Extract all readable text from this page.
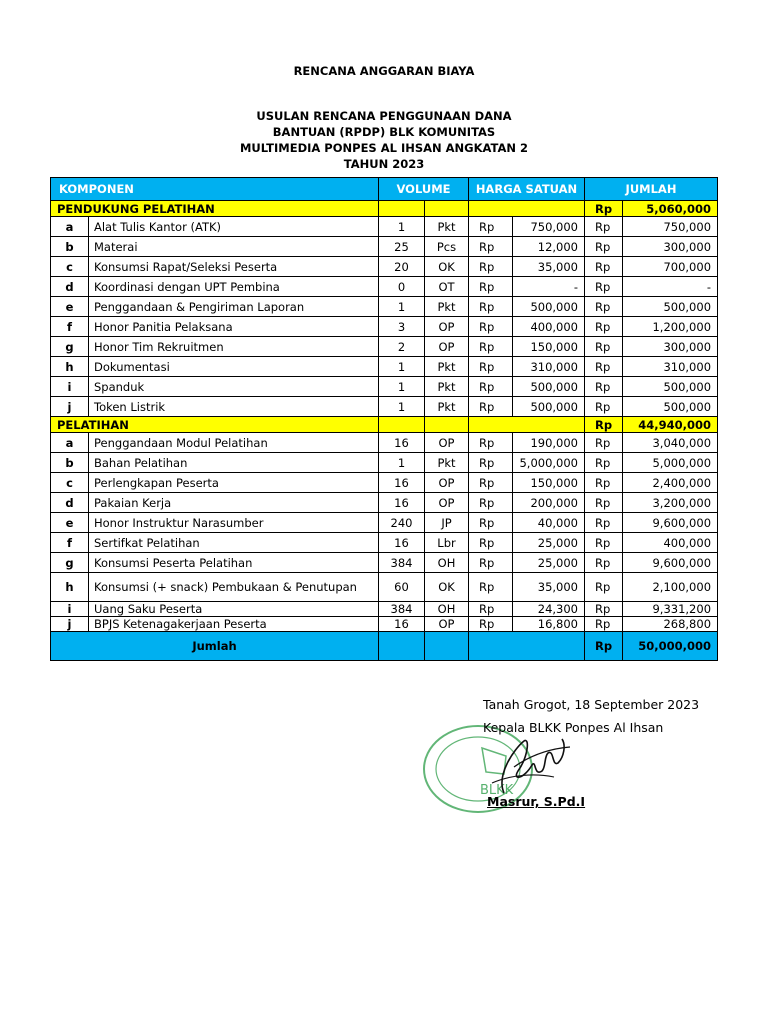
RENCANA ANGGARAN BIAYA
USULAN RENCANA PENGGUNAAN DANA
BANTUAN (RPDP) BLK KOMUNITAS
MULTIMEDIA PONPES AL IHSAN ANGKATAN 2
TAHUN 2023
KOMPONEN		VOLUME		HARGA SATUAN		JUMLAH	
PENDUKUNG PELATIHAN						Rp	5,060,000
a	Alat Tulis Kantor (ATK)	1	Pkt	Rp	750,000	Rp	750,000
b	Materai	25	Pcs	Rp	12,000	Rp	300,000
c	Konsumsi Rapat/Seleksi Peserta	20	OK	Rp	35,000	Rp	700,000
d	Koordinasi dengan UPT Pembina	0	OT	Rp	-	Rp	-
e	Penggandaan & Pengiriman Laporan	1	Pkt	Rp	500,000	Rp	500,000
f	Honor Panitia Pelaksana	3	OP	Rp	400,000	Rp	1,200,000
g	Honor Tim Rekruitmen	2	OP	Rp	150,000	Rp	300,000
h	Dokumentasi	1	Pkt	Rp	310,000	Rp	310,000
i	Spanduk	1	Pkt	Rp	500,000	Rp	500,000
j	Token Listrik	1	Pkt	Rp	500,000	Rp	500,000
PELATIHAN						Rp	44,940,000
a	Penggandaan Modul Pelatihan	16	OP	Rp	190,000	Rp	3,040,000
b	Bahan Pelatihan	1	Pkt	Rp	5,000,000	Rp	5,000,000
c	Perlengkapan Peserta	16	OP	Rp	150,000	Rp	2,400,000
d	Pakaian Kerja	16	OP	Rp	200,000	Rp	3,200,000
e	Honor Instruktur Narasumber	240	JP	Rp	40,000	Rp	9,600,000
f	Sertifkat Pelatihan	16	Lbr	Rp	25,000	Rp	400,000
g	Konsumsi Peserta Pelatihan	384	OH	Rp	25,000	Rp	9,600,000
h	Konsumsi (+ snack) Pembukaan & Penutupan	60	OK	Rp	35,000	Rp	2,100,000
i	Uang Saku Peserta	384	OH	Rp	24,300	Rp	9,331,200
j	BPJS Ketenagakerjaan Peserta	16	OP	Rp	16,800	Rp	268,800
Jumlah						Rp	50,000,000
Tanah Grogot, 18 September 2023
BLKK
Kepala BLKK Ponpes Al Ihsan
Masrur, S.Pd.I
